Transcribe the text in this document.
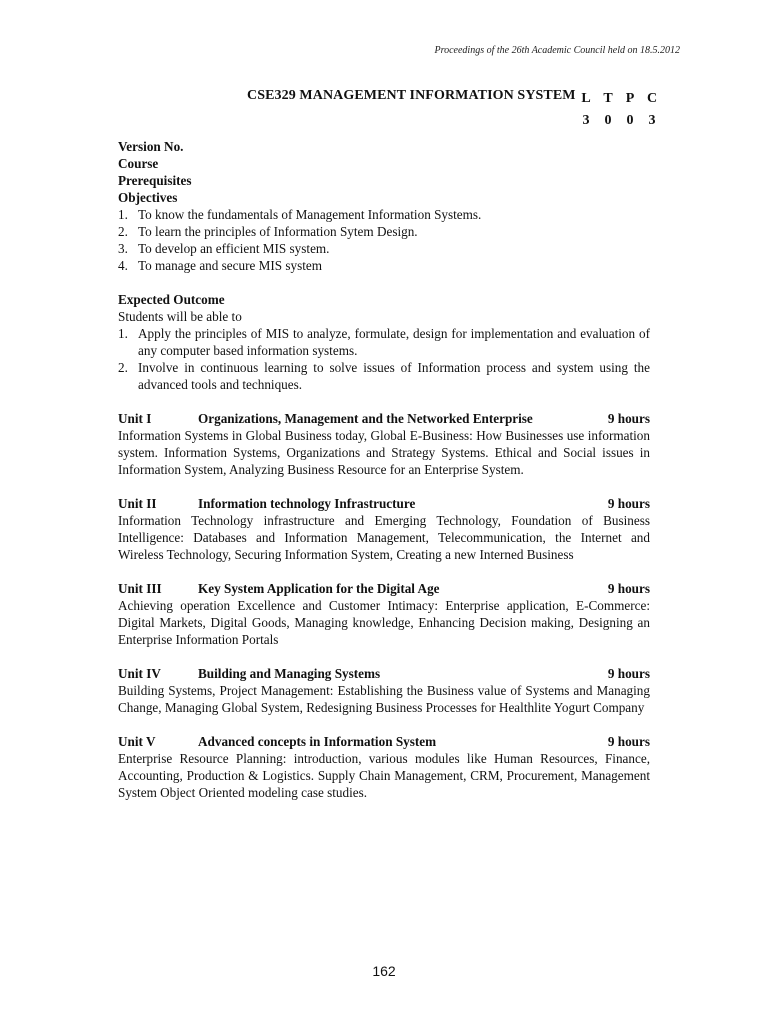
Proceedings of the 26th Academic Council held on 18.5.2012
CSE329 MANAGEMENT INFORMATION SYSTEM L T P C
3	0	0	3

Version No.

Course

Prerequisites

Objectives

1. To know the fundamentals of Management Information Systems.
2. To learn the principles of Information Sytem Design.
3. To develop an efficient MIS system.
4. To manage and secure MIS system

Expected Outcome

Students will be able to

1. Apply the principles of MIS to analyze, formulate, design for implementation and evaluation of any computer based information systems.
2. Involve in continuous learning to solve issues of Information process and system using the advanced tools and techniques.
Unit I	Organizations, Management and the Networked Enterprise	9 hours
Information Systems in Global Business today, Global E-Business: How Businesses use information system. Information Systems, Organizations and Strategy Systems. Ethical and Social issues in Information System, Analyzing Business Resource for an Enterprise System.
Unit II	Information technology Infrastructure	9 hours
Information Technology infrastructure and Emerging Technology, Foundation of Business Intelligence: Databases and Information Management, Telecommunication, the Internet and Wireless Technology, Securing Information System, Creating a new Interned Business
Unit III	Key System Application for the Digital Age	9 hours
Achieving operation Excellence and Customer Intimacy: Enterprise application, E-Commerce: Digital Markets, Digital Goods, Managing knowledge, Enhancing Decision making, Designing an Enterprise Information Portals
Unit IV	Building and Managing Systems	9 hours
Building Systems, Project Management: Establishing the Business value of Systems and Managing Change, Managing Global System, Redesigning Business Processes for Healthlite Yogurt Company
Unit V	Advanced concepts in Information System	9 hours
Enterprise Resource Planning: introduction, various modules like Human Resources, Finance, Accounting, Production & Logistics. Supply Chain Management, CRM, Procurement, Management System Object Oriented modeling case studies.
162
